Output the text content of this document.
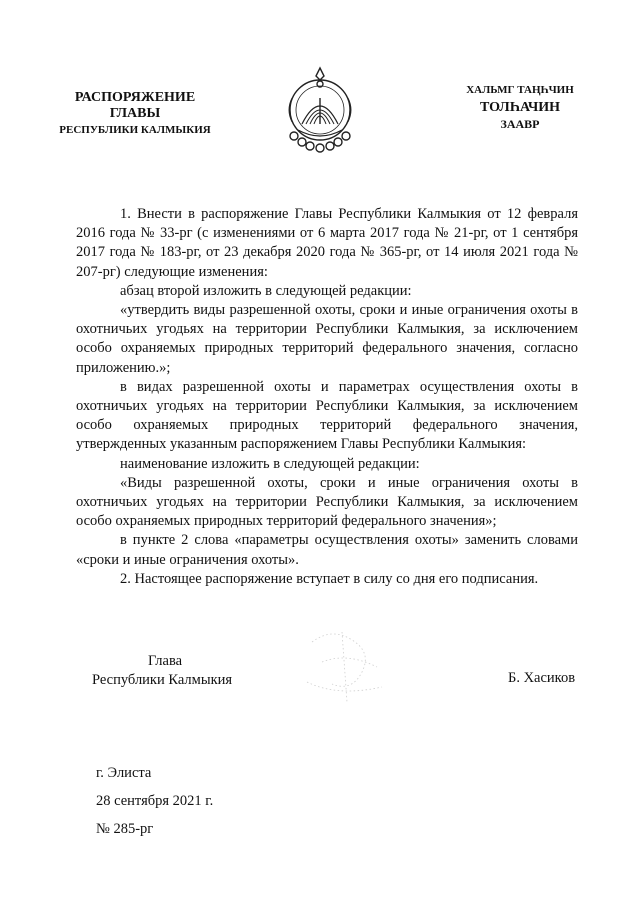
РАСПОРЯЖЕНИЕ
ГЛАВЫ
РЕСПУБЛИКИ КАЛМЫКИЯ
ХАЛЬМГ ТАҢҺЧИН
ТОЛҺАЧИН
ЗААВР

1. Внести в распоряжение Главы Республики Калмыкия от 12 февраля 2016 года № 33-рг (с изменениями от 6 марта 2017 года № 21-рг, от 1 сентября 2017 года № 183-рг, от 23 декабря 2020 года № 365-рг, от 14 июля 2021 года № 207-рг) следующие изменения:

абзац второй изложить в следующей редакции:

«утвердить виды разрешенной охоты, сроки и иные ограничения охоты в охотничьих угодьях на территории Республики Калмыкия, за исключением особо охраняемых природных территорий федерального значения, согласно приложению.»;

в видах разрешенной охоты и параметрах осуществления охоты в охотничьих угодьях на территории Республики Калмыкия, за исключением особо охраняемых природных территорий федерального значения, утвержденных указанным распоряжением Главы Республики Калмыкия:

наименование изложить в следующей редакции:

«Виды разрешенной охоты, сроки и иные ограничения охоты в охотничьих угодьях на территории Республики Калмыкия, за исключением особо охраняемых природных территорий федерального значения»;

в пункте 2 слова «параметры осуществления охоты» заменить словами «сроки и иные ограничения охоты».

2. Настоящее распоряжение вступает в силу со дня его подписания.

Глава
Республики Калмыкия	Б. Хасиков
г. Элиста
28 сентября 2021 г.
№ 285-рг
